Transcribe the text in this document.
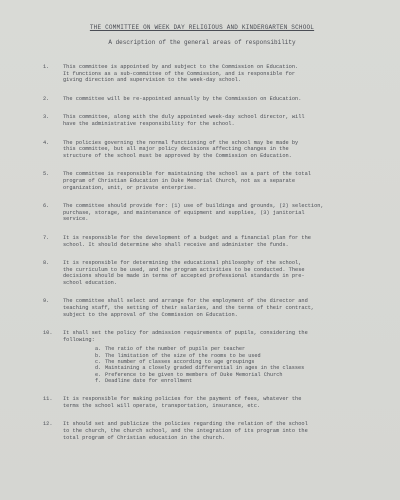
THE COMMITTEE ON WEEK DAY RELIGIOUS AND KINDERGARTEN SCHOOL
A description of the general areas of responsibility
1.	This committee is appointed by and subject to the Commission on Education.
It functions as a sub-committee of the Commission, and is responsible for
giving direction and supervision to the week-day school.
2.	The committee will be re-appointed annually by the Commission on Education.
3.	This committee, along with the duly appointed week-day school director, will
have the administrative responsibility for the school.
4.	The policies governing the normal functioning of the school may be made by
this committee, but all major policy decisions affecting changes in the
structure of the school must be approved by the Commission on Education.
5.	The committee is responsible for maintaining the school as a part of the total
program of Christian Education in Duke Memorial Church, not as a separate
organization, unit, or private enterprise.
6.	The committee should provide for: (1) use of buildings and grounds, (2) selection,
purchase, storage, and maintenance of equipment and supplies, (3) janitorial
service.
7.	It is responsible for the development of a budget and a financial plan for the
school. It should determine who shall receive and administer the funds.
8.	It is responsible for determining the educational philosophy of the school,
the curriculum to be used, and the program activities to be conducted. These
decisions should be made in terms of accepted professional standards in pre-
school education.
9.	The committee shall select and arrange for the employment of the director and
teaching staff, the setting of their salaries, and the terms of their contract,
subject to the approval of the Commission on Education.
10.	It shall set the policy for admission requirements of pupils, considering the
following:
a. The ratio of the number of pupils per teacher
b. The limitation of the size of the rooms to be used
c. The number of classes according to age groupings
d. Maintaining a closely graded differential in ages in the classes
e. Preference to be given to members of Duke Memorial Church
f. Deadline date for enrollment
11.	It is responsible for making policies for the payment of fees, whatever the
terms the school will operate, transportation, insurance, etc.
12.	It should set and publicize the policies regarding the relation of the school
to the church, the church school, and the integration of its program into the
total program of Christian education in the church.
